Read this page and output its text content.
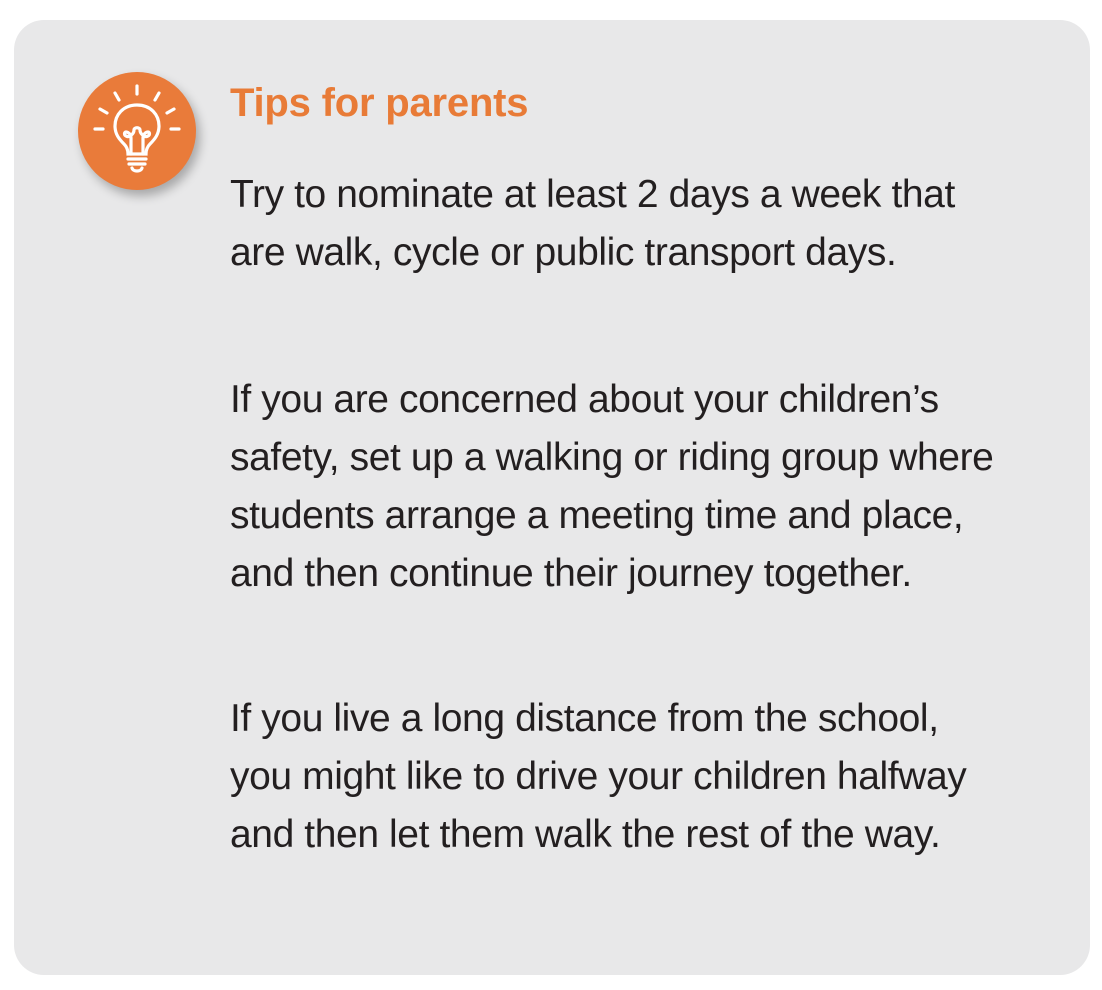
Tips for parents

Try to nominate at least 2 days a week that are walk, cycle or public transport days.

If you are concerned about your children’s safety, set up a walking or riding group where students arrange a meeting time and place, and then continue their journey together.

If you live a long distance from the school, you might like to drive your children halfway and then let them walk the rest of the way.
